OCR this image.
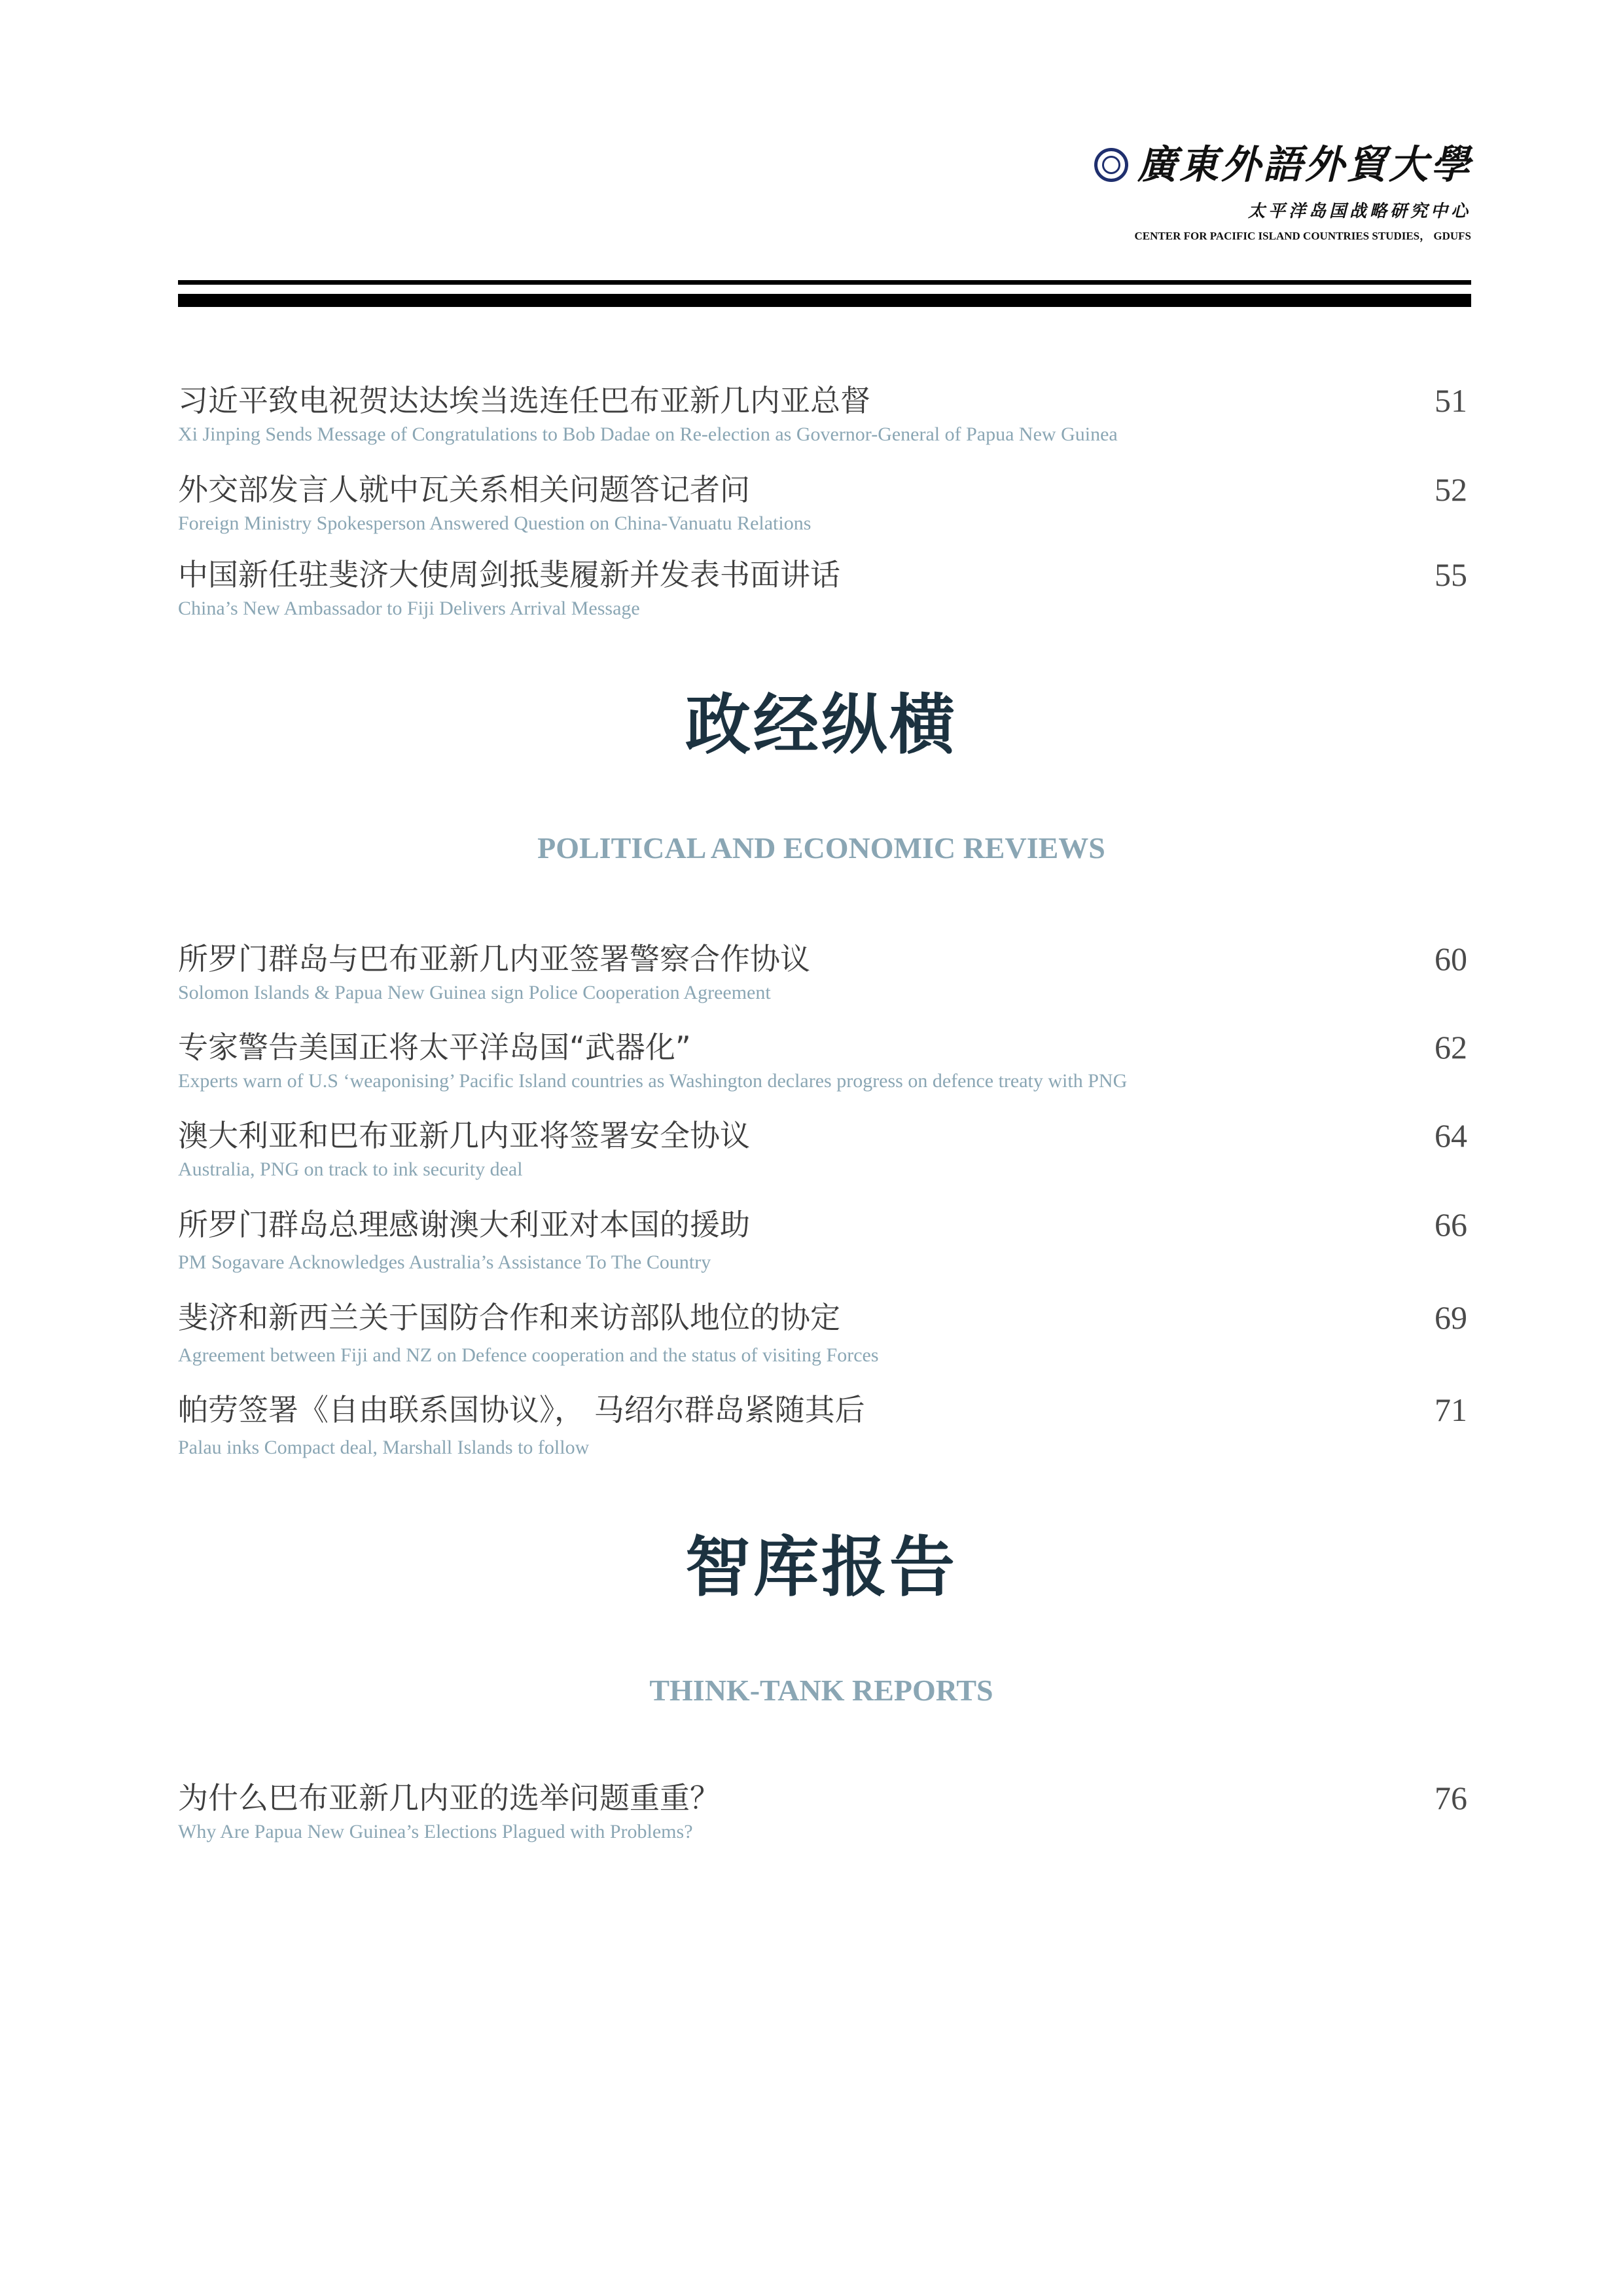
廣東外語外貿大學
太平洋岛国战略研究中心
CENTER FOR PACIFIC ISLAND COUNTRIES STUDIES， GDUFS
习近平致电祝贺达达埃当选连任巴布亚新几内亚总督
Xi Jinping Sends Message of Congratulations to Bob Dadae on Re-election as Governor-General of Papua New Guinea
51
外交部发言人就中瓦关系相关问题答记者问
Foreign Ministry Spokesperson Answered Question on China-Vanuatu Relations
52
中国新任驻斐济大使周剑抵斐履新并发表书面讲话
China’s New Ambassador to Fiji Delivers Arrival Message
55
政经纵横
POLITICAL AND ECONOMIC REVIEWS
所罗门群岛与巴布亚新几内亚签署警察合作协议
Solomon Islands & Papua New Guinea sign Police Cooperation Agreement
60
专家警告美国正将太平洋岛国“武器化”
Experts warn of U.S ‘weaponising’ Pacific Island countries as Washington declares progress on defence treaty with PNG
62
澳大利亚和巴布亚新几内亚将签署安全协议
Australia, PNG on track to ink security deal
64
所罗门群岛总理感谢澳大利亚对本国的援助
PM Sogavare Acknowledges Australia’s Assistance To The Country
66
斐济和新西兰关于国防合作和来访部队地位的协定
Agreement between Fiji and NZ on Defence cooperation and the status of visiting Forces
69
帕劳签署《自由联系国协议》， 马绍尔群岛紧随其后
Palau inks Compact deal, Marshall Islands to follow
71
智库报告
THINK-TANK REPORTS
为什么巴布亚新几内亚的选举问题重重？
Why Are Papua New Guinea’s Elections Plagued with Problems?
76
